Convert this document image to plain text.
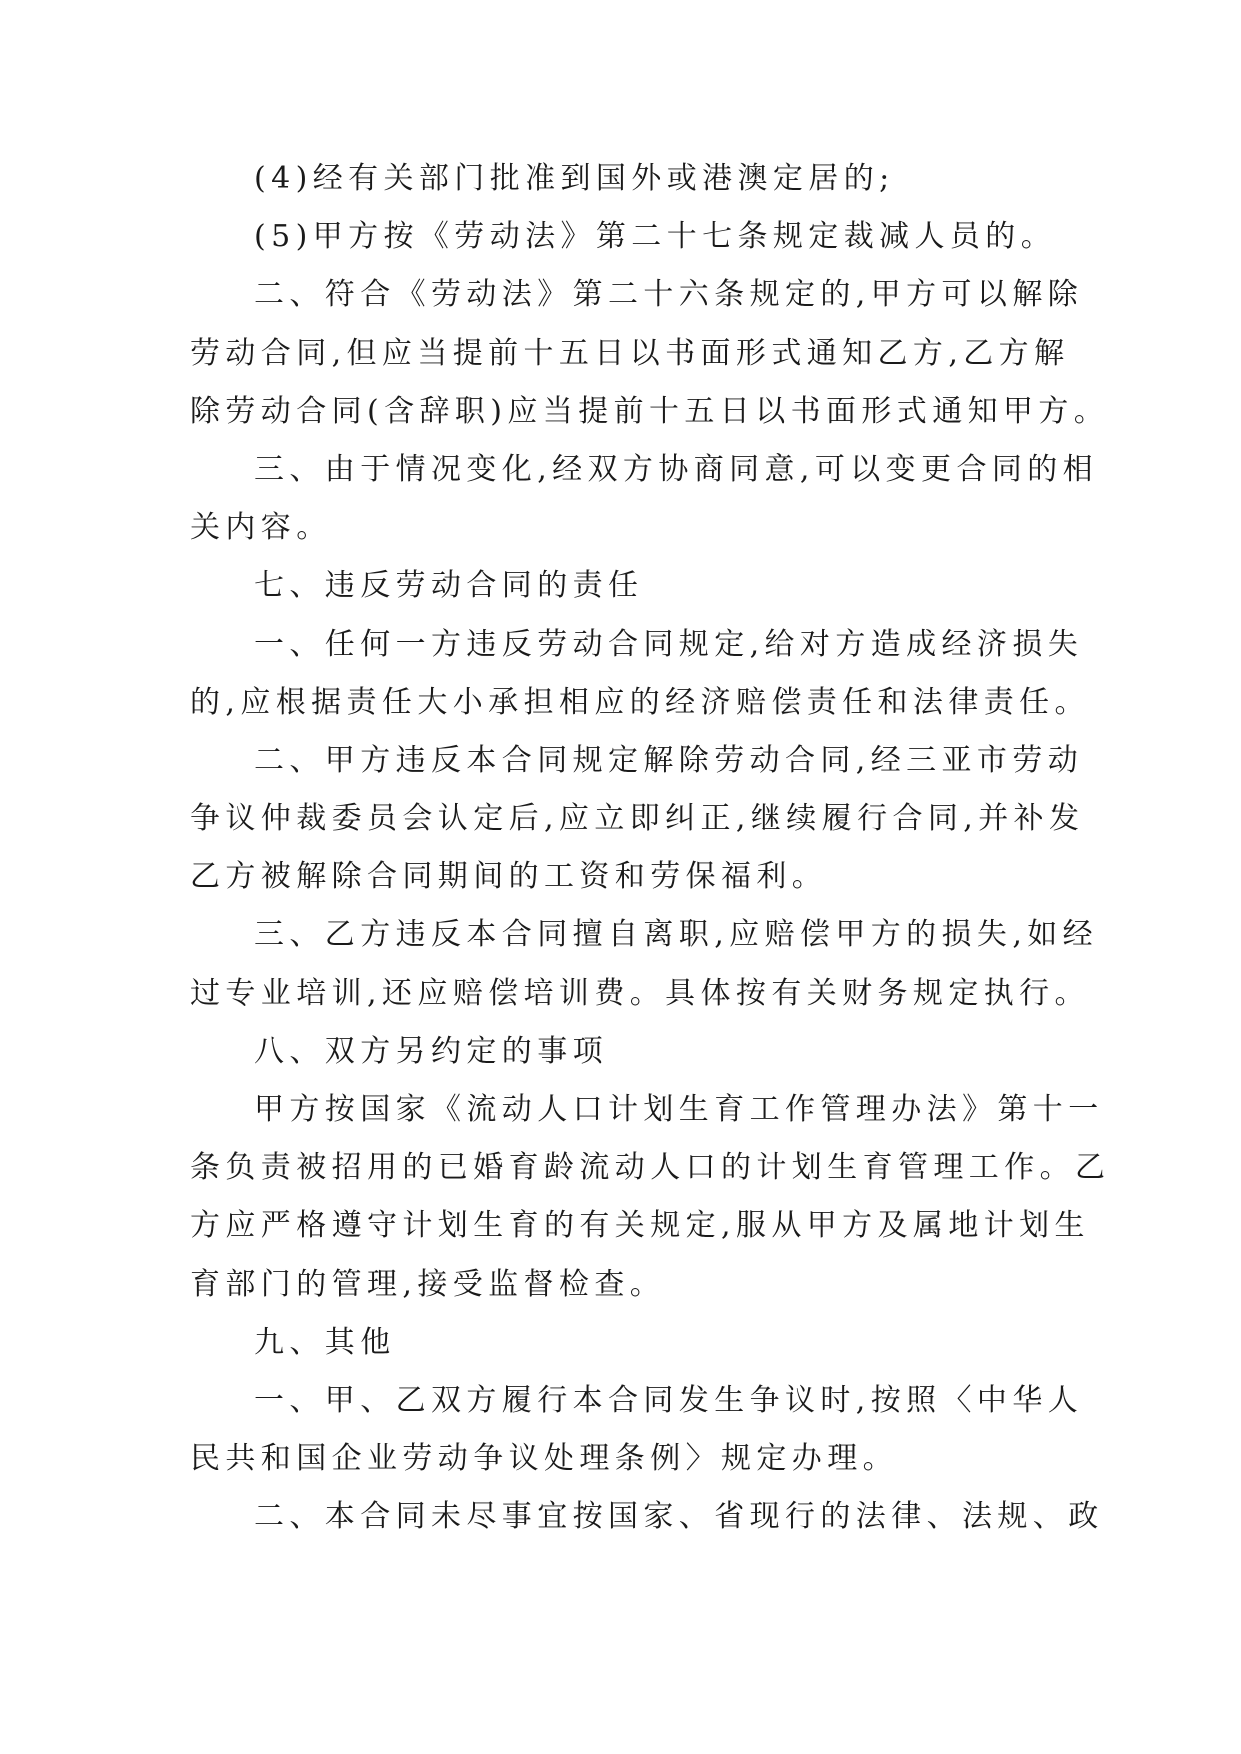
(4)经有关部门批准到国外或港澳定居的;
(5)甲方按《劳动法》第二十七条规定裁减人员的。
二、符合《劳动法》第二十六条规定的,甲方可以解除
劳动合同,但应当提前十五日以书面形式通知乙方,乙方解
除劳动合同(含辞职)应当提前十五日以书面形式通知甲方。
三、由于情况变化,经双方协商同意,可以变更合同的相
关内容。
七、违反劳动合同的责任
一、任何一方违反劳动合同规定,给对方造成经济损失
的,应根据责任大小承担相应的经济赔偿责任和法律责任。
二、甲方违反本合同规定解除劳动合同,经三亚市劳动
争议仲裁委员会认定后,应立即纠正,继续履行合同,并补发
乙方被解除合同期间的工资和劳保福利。
三、乙方违反本合同擅自离职,应赔偿甲方的损失,如经
过专业培训,还应赔偿培训费。具体按有关财务规定执行。
八、双方另约定的事项
甲方按国家《流动人口计划生育工作管理办法》第十一
条负责被招用的已婚育龄流动人口的计划生育管理工作。乙
方应严格遵守计划生育的有关规定,服从甲方及属地计划生
育部门的管理,接受监督检查。
九、其他
一、甲、乙双方履行本合同发生争议时,按照〈中华人
民共和国企业劳动争议处理条例〉规定办理。
二、本合同未尽事宜按国家、省现行的法律、法规、政
